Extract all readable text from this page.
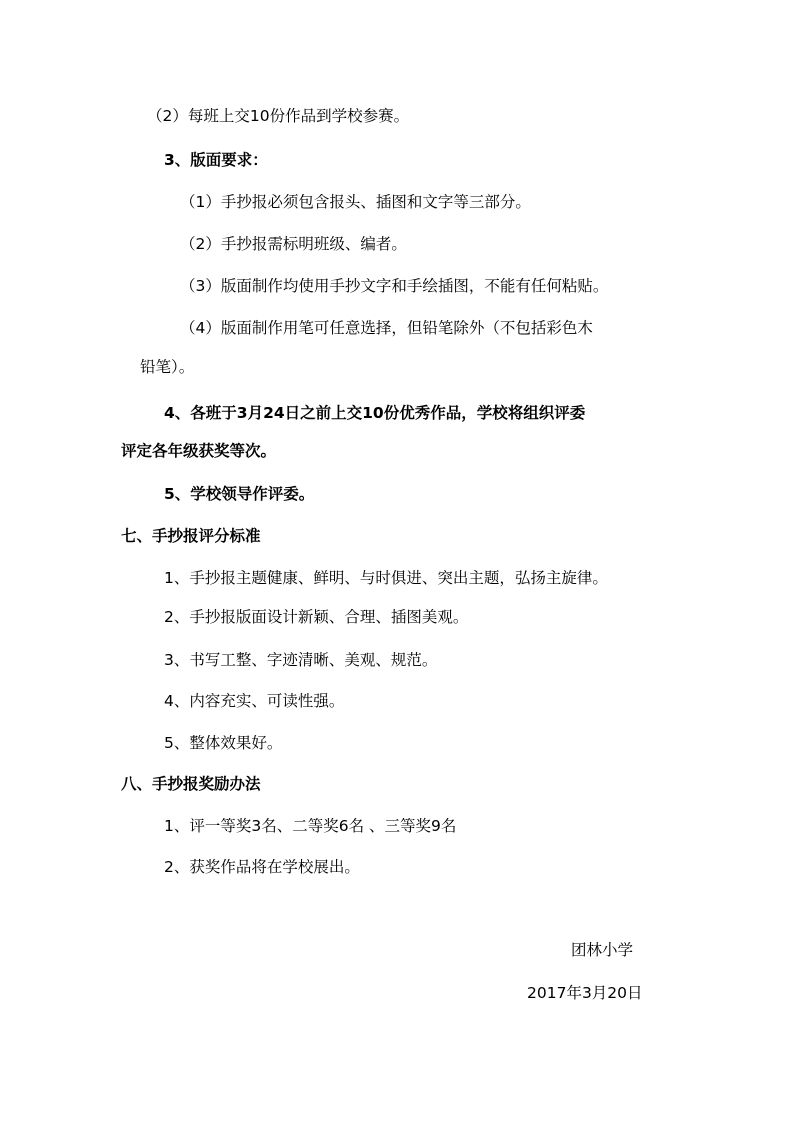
（2）每班上交10份作品到学校参赛。
3、版面要求：
（1）手抄报必须包含报头、插图和文字等三部分。
（2）手抄报需标明班级、编者。
（3）版面制作均使用手抄文字和手绘插图，不能有任何粘贴。
（4）版面制作用笔可任意选择，但铅笔除外（不包括彩色木
铅笔）。
4、各班于3月24日之前上交10份优秀作品，学校将组织评委
评定各年级获奖等次。
5、学校领导作评委。
七、手抄报评分标准
1、手抄报主题健康、鲜明、与时俱进、突出主题，弘扬主旋律。
2、手抄报版面设计新颖、合理、插图美观。
3、书写工整、字迹清晰、美观、规范。
4、内容充实、可读性强。
5、整体效果好。
八、手抄报奖励办法
1、评一等奖3名、二等奖6名 、三等奖9名
2、获奖作品将在学校展出。
团林小学
2017年3月20日
